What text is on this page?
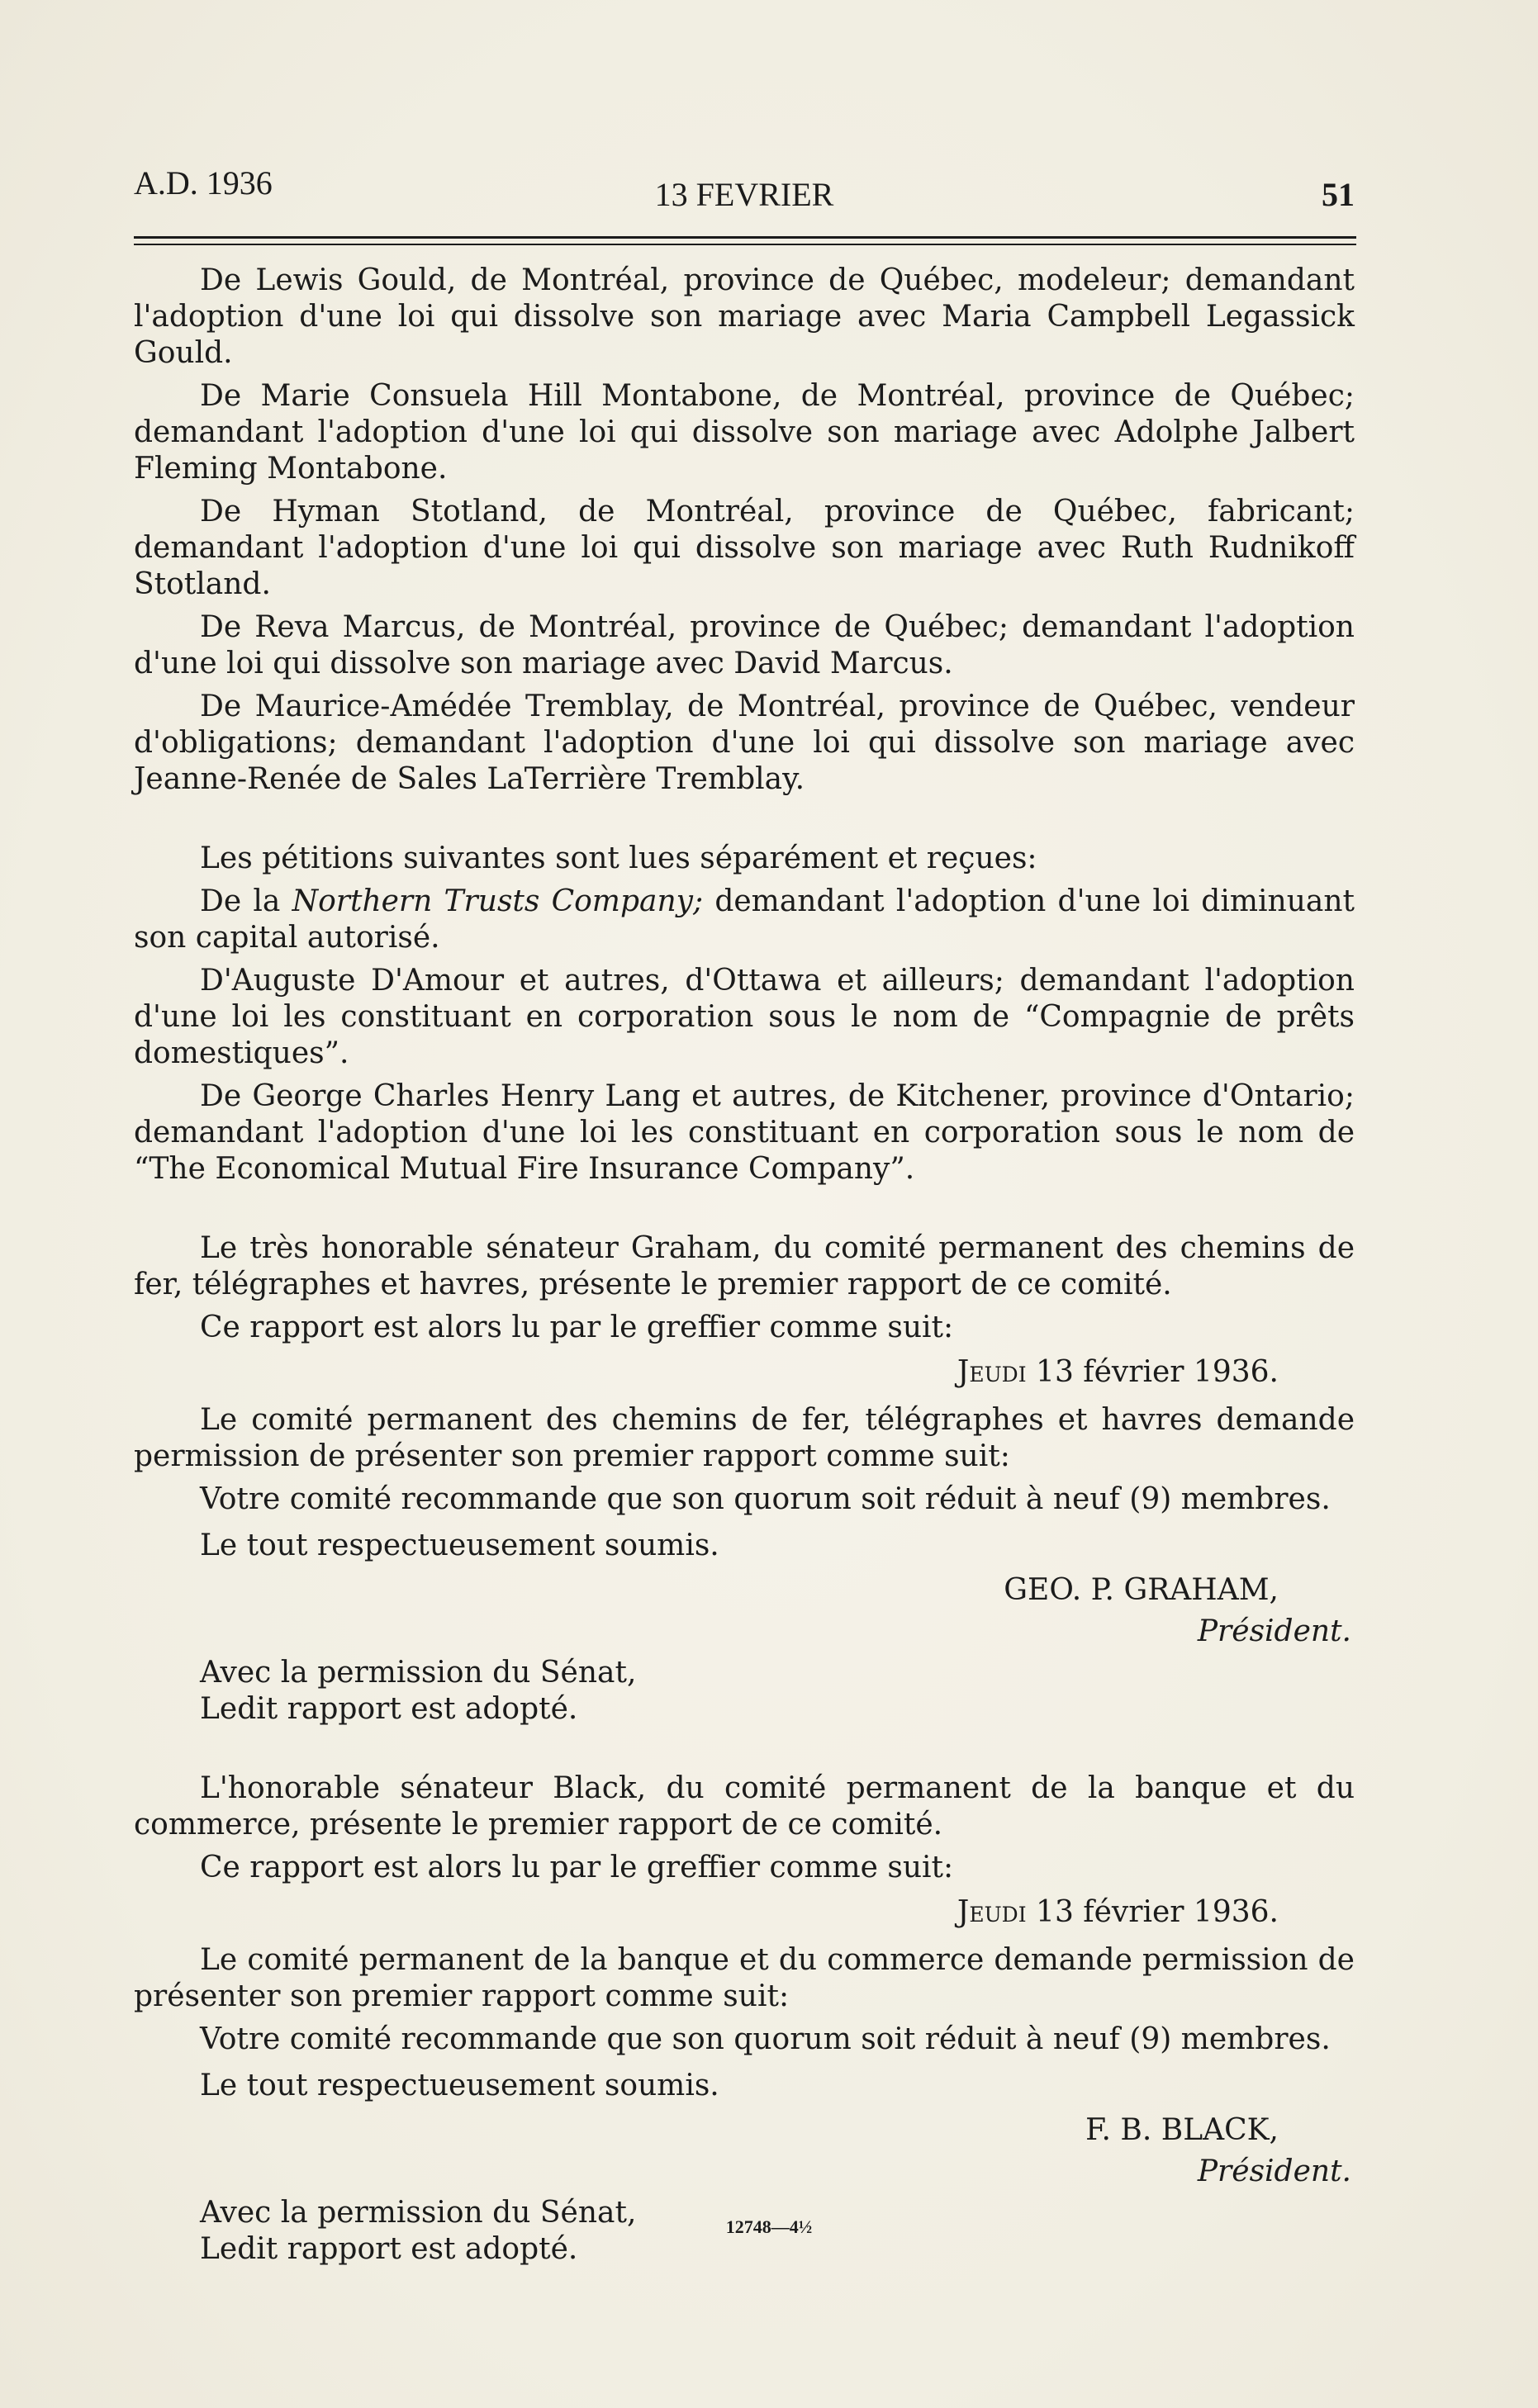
A.D. 1936	13 FEVRIER	51

De Lewis Gould, de Montréal, province de Québec, modeleur; demandant l'adoption d'une loi qui dissolve son mariage avec Maria Campbell Legassick Gould.

De Marie Consuela Hill Montabone, de Montréal, province de Québec; demandant l'adoption d'une loi qui dissolve son mariage avec Adolphe Jalbert Fleming Montabone.

De Hyman Stotland, de Montréal, province de Québec, fabricant; demandant l'adoption d'une loi qui dissolve son mariage avec Ruth Rudnikoff Stotland.

De Reva Marcus, de Montréal, province de Québec; demandant l'adoption d'une loi qui dissolve son mariage avec David Marcus.

De Maurice-Amédée Tremblay, de Montréal, province de Québec, vendeur d'obligations; demandant l'adoption d'une loi qui dissolve son mariage avec Jeanne-Renée de Sales LaTerrière Tremblay.

Les pétitions suivantes sont lues séparément et reçues:

De la Northern Trusts Company; demandant l'adoption d'une loi diminuant son capital autorisé.

D'Auguste D'Amour et autres, d'Ottawa et ailleurs; demandant l'adoption d'une loi les constituant en corporation sous le nom de “Compagnie de prêts domestiques”.

De George Charles Henry Lang et autres, de Kitchener, province d'Ontario; demandant l'adoption d'une loi les constituant en corporation sous le nom de “The Economical Mutual Fire Insurance Company”.

Le très honorable sénateur Graham, du comité permanent des chemins de fer, télégraphes et havres, présente le premier rapport de ce comité.

Ce rapport est alors lu par le greffier comme suit:

Jeudi 13 février 1936.

Le comité permanent des chemins de fer, télégraphes et havres demande permission de présenter son premier rapport comme suit:

Votre comité recommande que son quorum soit réduit à neuf (9) membres.

Le tout respectueusement soumis.

GEO. P. GRAHAM,
Président.

Avec la permission du Sénat,

Ledit rapport est adopté.

L'honorable sénateur Black, du comité permanent de la banque et du commerce, présente le premier rapport de ce comité.

Ce rapport est alors lu par le greffier comme suit:

Jeudi 13 février 1936.

Le comité permanent de la banque et du commerce demande permission de présenter son premier rapport comme suit:

Votre comité recommande que son quorum soit réduit à neuf (9) membres.

Le tout respectueusement soumis.

F. B. BLACK,
Président.

Avec la permission du Sénat,

Ledit rapport est adopté.

12748—4½
